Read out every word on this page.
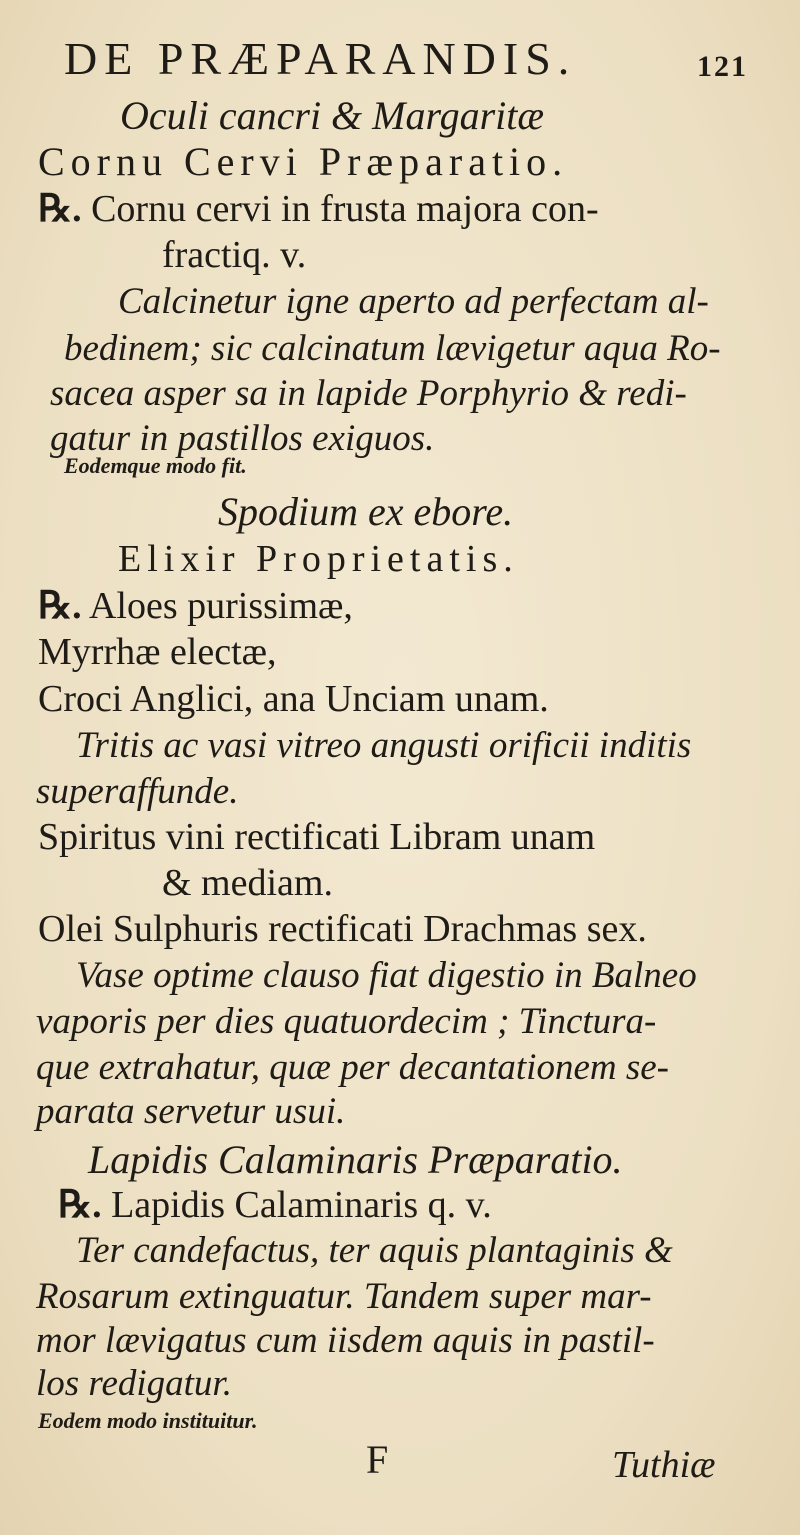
DE PRÆPARANDIS.	121
Oculi cancri & Margaritæ
Cornu Cervi Præparatio.
℞. Cornu cervi in frusta majora con-
fractiq. v.
Calcinetur igne aperto ad perfectam al-
bedinem; sic calcinatum lævigetur aqua Ro-
sacea asper sa in lapide Porphyrio & redi-
gatur in pastillos exiguos.
Eodemque modo fit.
Spodium ex ebore.
Elixir Proprietatis.
℞. Aloes purissimæ,
Myrrhæ electæ,
Croci Anglici, ana Unciam unam.
Tritis ac vasi vitreo angusti orificii inditis
superaffunde.
Spiritus vini rectificati Libram unam
& mediam.
Olei Sulphuris rectificati Drachmas sex.
Vase optime clauso fiat digestio in Balneo
vaporis per dies quatuordecim ; Tinctura-
que extrahatur, quæ per decantationem se-
parata servetur usui.
Lapidis Calaminaris Præparatio.
℞. Lapidis Calaminaris q. v.
Ter candefactus, ter aquis plantaginis &
Rosarum extinguatur. Tandem super mar-
mor lævigatus cum iisdem aquis in pastil-
los redigatur.
Eodem modo instituitur.
F	Tuthiæ
